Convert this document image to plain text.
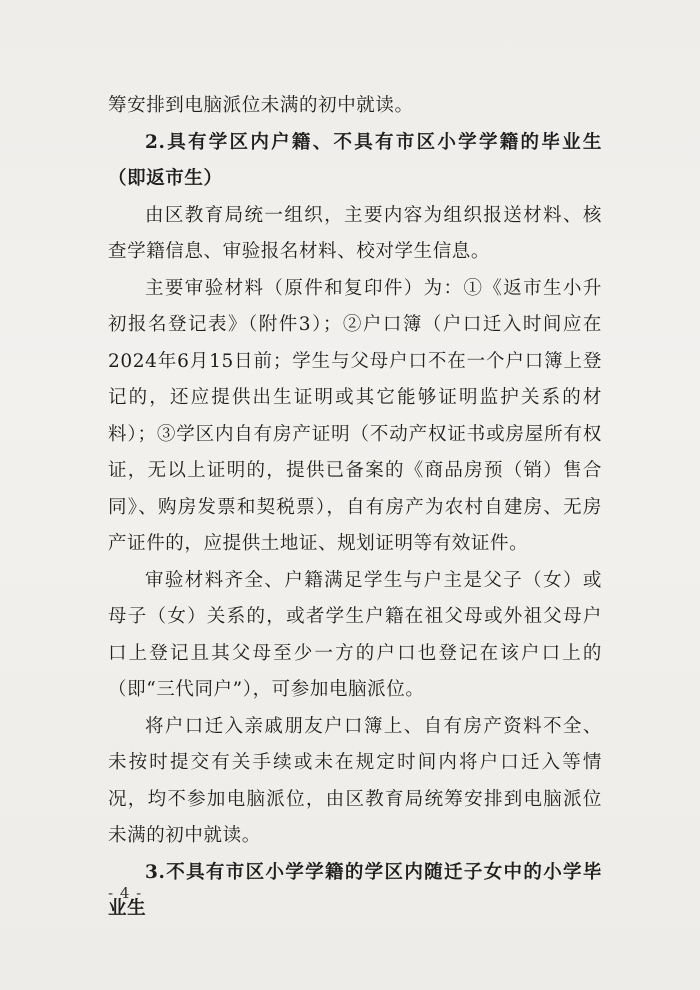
筹安排到电脑派位未满的初中就读。

2.具有学区内户籍、不具有市区小学学籍的毕业生（即返市生）

由区教育局统一组织，主要内容为组织报送材料、核查学籍信息、审验报名材料、校对学生信息。

主要审验材料（原件和复印件）为：①《返市生小升初报名登记表》（附件3）；②户口簿（户口迁入时间应在2024年6月15日前；学生与父母户口不在一个户口簿上登记的，还应提供出生证明或其它能够证明监护关系的材料）；③学区内自有房产证明（不动产权证书或房屋所有权证，无以上证明的，提供已备案的《商品房预（销）售合同》、购房发票和契税票），自有房产为农村自建房、无房产证件的，应提供土地证、规划证明等有效证件。

审验材料齐全、户籍满足学生与户主是父子（女）或母子（女）关系的，或者学生户籍在祖父母或外祖父母户口上登记且其父母至少一方的户口也登记在该户口上的（即“三代同户”），可参加电脑派位。

将户口迁入亲戚朋友户口簿上、自有房产资料不全、未按时提交有关手续或未在规定时间内将户口迁入等情况，均不参加电脑派位，由区教育局统筹安排到电脑派位未满的初中就读。

3.不具有市区小学学籍的学区内随迁子女中的小学毕业生

- 4 -
